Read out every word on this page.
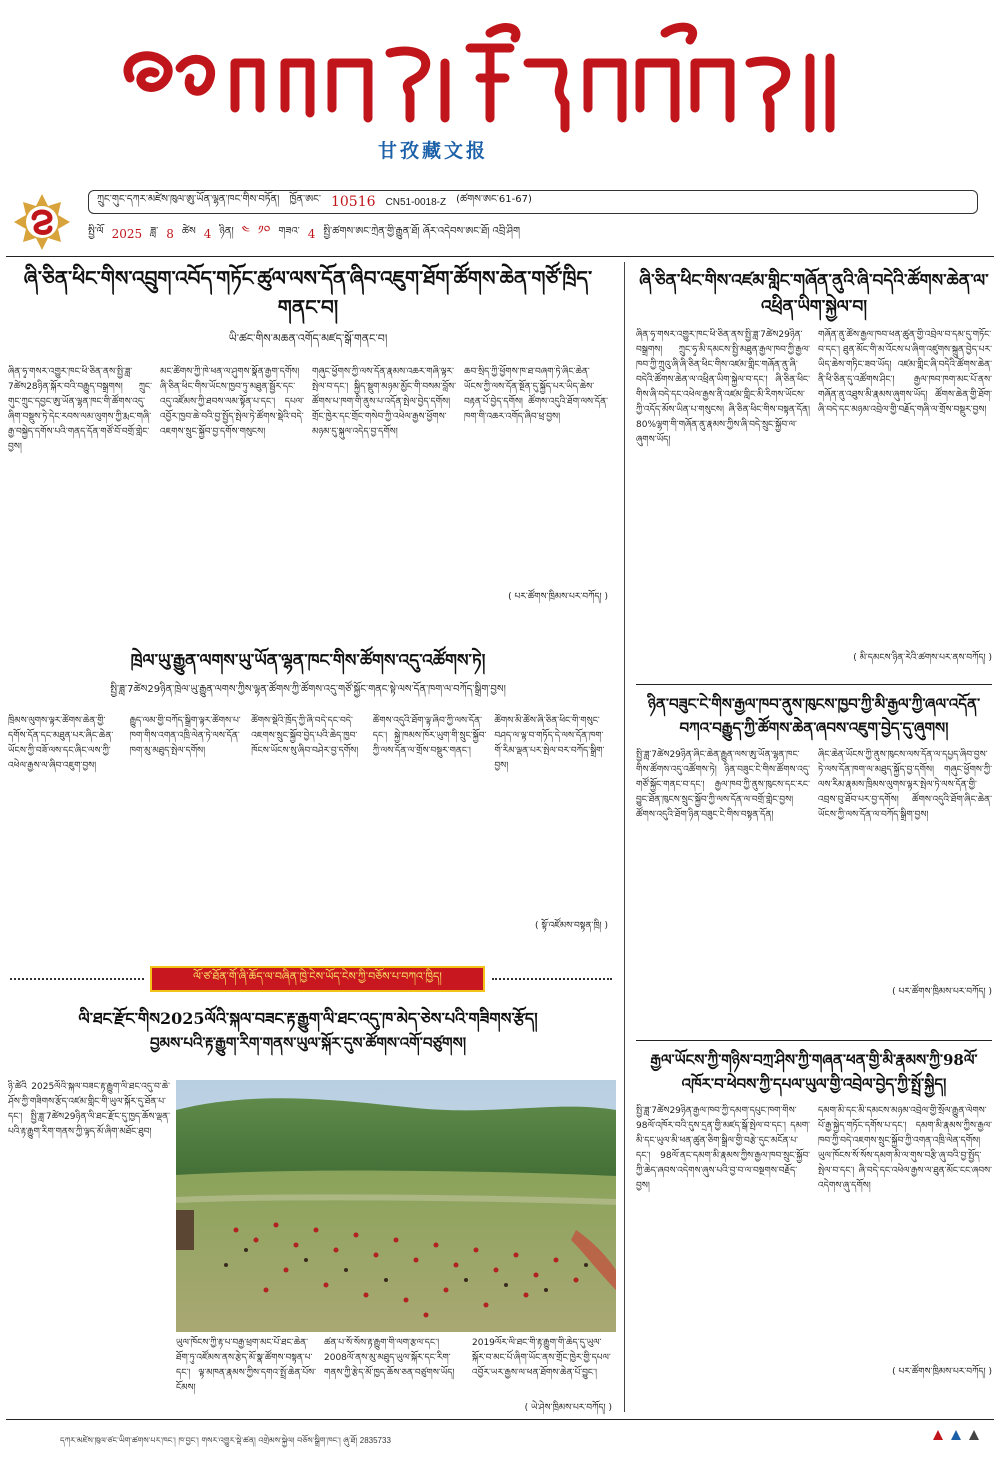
甘孜藏文报
ཀྲུང་གུང་དཀར་མཛེས་ཁུལ་ཨུ་ཡོན་ལྷན་ཁང་གིས་བཏོན། ཁྱོན་ཨང་ 10516 CN51-0018-Z (ཚགས་ཨང་61-67)
སྤྱི་ལོ 2025 ཟླ་ 8 ཚེས 4 ཉིན། ༤ ༡༠ གཟའ་ 4 སྤྱི་ཚགས་ཨང་ཀྲེན་གྱི་རྒྱུན་ཐོ། ཞོར་འདེབས་ཨང་ཐོ། འབྲི་ཤིག
ཞི་ཅིན་ཕིང་གིས་འབྲུག་འབོད་གཏོང་ཚུལ་ལས་དོན་ཞིབ་འཇུག་ཐོག་ཚོགས་ཆེན་གཙོ་ཁྲིད་གནང་བ།
ཡི་ཚང་གིས་མཆན་འགོད་མཛད་སྒོ་གནང་བ།
ཞིན་ཧྭ་གསར་འགྱུར་ཁང་ཕི་ཅིན་ནས་སྤྱི་ཟླ་7ཚེས28ཉིན་སྐོར་བའི་བརྒྱུད་བསྒྲགས། ཀྲུང་གུང་ཀྲུང་དབྱང་ཨུ་ཡོན་ལྷན་ཁང་གི་ཚོགས་འདུ་ཞིག་བསྡུས་ཏེ་དེང་རབས་ལམ་ལུགས་ཀྱི་རྨང་གཞི་རྒྱ་བསྐྱེད་དགོས་པའི་གནད་དོན་གཙོ་བོ་བགྲོ་གླེང་བྱས།
མང་ཚོགས་ཀྱི་ཁེ་ཕན་ལ་ཤུགས་སྣོན་རྒྱག་དགོས། ཞི་ཅིན་ཕིང་གིས་ཡོངས་ཁྱབ་ཏུ་མཐུན་སྦྱོར་དང་འདུ་འཛོམས་ཀྱི་ཐབས་ལམ་སྟོན་པ་དང་། དཔལ་འབྱོར་ཁྱབ་ཆེ་བའི་བྱ་སྤྱོད་སྤེལ་ཏེ་ཚོགས་སྡེའི་བདེ་འཇགས་སྲུང་སྐྱོབ་བྱ་དགོས་གསུངས།
གཞུང་ཕྱོགས་ཀྱི་ལས་དོན་རྣམས་འཆར་གཞི་ལྟར་སྤེལ་བ་དང་། སྐྱིད་སྡུག་མཉམ་མྱོང་གི་བསམ་བློས་ཚོགས་པ་ཁག་གི་ནུས་པ་འདོན་སྤེལ་བྱེད་དགོས། གྲོང་ཁྱེར་དང་གྲོང་གསེབ་ཀྱི་འཕེལ་རྒྱས་ཕྱོགས་མཉམ་དུ་སྐུལ་འདེད་བྱ་དགོས།
ཆབ་སྲིད་ཀྱི་ཕྱོགས་ཁ་ཐ་བཞག་ཏེ་ཞིང་ཆེན་ཡོངས་ཀྱི་ལས་དོན་སྔོན་དུ་སྐྱོད་པར་ཡིད་ཆེས་བརྟན་པོ་བྱེད་དགོས། ཚོགས་འདུའི་ཐོག་ལས་དོན་ཁག་གི་འཆར་འགོད་ཞིབ་ཕྲ་བྱས།
( པར་ཚོགས་ཁྲིམས་པར་བཀོད། )
ཞི་ཅིན་ཕིང་གིས་འཛམ་གླིང་གཞོན་ནུའི་ཞི་བདེའི་ཚོགས་ཆེན་ལ་འཕྲིན་ཡིག་སྐྱེལ་བ།
ཞིན་ཧྭ་གསར་འགྱུར་ཁང་ཕི་ཅིན་ནས་སྤྱི་ཟླ་7ཚེས29ཉིན་བསྒྲགས། ཀྲུང་ཧྭ་མི་དམངས་སྤྱི་མཐུན་རྒྱལ་ཁབ་ཀྱི་རྒྱལ་ཁབ་ཀྱི་ཀྲུའུ་ཞི་ཞི་ཅིན་ཕིང་གིས་འཛམ་གླིང་གཞོན་ནུ་ཞི་བདེའི་ཚོགས་ཆེན་ལ་འཕྲིན་ཡིག་སྐྱེལ་བ་དང་། ཞི་ཅིན་ཕིང་གིས་ཞི་བདེ་དང་འཕེལ་རྒྱས་ནི་འཛམ་གླིང་མི་རིགས་ཡོངས་ཀྱི་འདོད་མོས་ཡིན་པ་གསུངས། ཞི་ཅིན་ཕིང་གིས་བསྟན་དོན། 80%ལྷག་གི་གཞོན་ནུ་རྣམས་ཀྱིས་ཞི་བདེ་སྲུང་སྐྱོབ་ལ་ཞུགས་ཡོད།
གཞོན་ནུ་ཚོས་རྒྱལ་ཁབ་ཕན་ཚུན་གྱི་འབྲེལ་བ་དམ་དུ་གཏོང་བ་དང་། ཐུན་མོང་གི་མ་འོངས་པ་ཞིག་འཛུགས་སྐྲུན་བྱེད་པར་ཡིད་ཆེས་གཏིང་ཟབ་ཡོད། འཛམ་གླིང་ཞི་བདེའི་ཚོགས་ཆེན་ནི་ཕི་ཅིན་དུ་འཚོགས་ཤིང་། རྒྱལ་ཁབ་ཁག་མང་པོ་ནས་གཞོན་ནུ་འཐུས་མི་རྣམས་ཞུགས་ཡོད། ཚོགས་ཆེན་གྱི་ཐོག་ཞི་བདེ་དང་མཉམ་འབྲེལ་གྱི་བརྗོད་གཞི་ལ་གྲོས་བསྡུར་བྱས།
( མི་དམངས་ཉིན་རེའི་ཚགས་པར་ནས་བཀོད། )
ཁྲེལ་ཡུ་རྒྱུན་ལགས་ཡུ་ཡོན་ལྷན་ཁང་གིས་ཚོགས་འདུ་འཚོགས་ཏེ།
སྤྱི་ཟླ་7ཚེས29ཉིན་ཁྲེལ་ཡུ་རྒྱུན་ལགས་ཀྱིས་ལྷན་ཚོགས་ཀྱི་ཚོགས་འདུ་གཙོ་སྐྱོང་གནང་སྟེ་ལས་དོན་ཁག་ལ་བཀོད་སྒྲིག་བྱས།
ཁྲིམས་ལུགས་ལྟར་ཚོགས་ཆེན་གྱི་དགོས་དོན་དང་མཐུན་པར་ཞིང་ཆེན་ཡོངས་ཀྱི་བཟོ་ལས་དང་ཞིང་ལས་ཀྱི་འཕེལ་རྒྱས་ལ་ཞིབ་འཇུག་བྱས།
རྒྱུད་ལམ་གྱི་བཀོད་སྒྲིག་ལྟར་ཚོགས་པ་ཁག་གིས་འགན་འཁྲི་ལེན་ཏེ་ལས་དོན་ཁག་མུ་མཐུད་སྤེལ་དགོས།
ཚོགས་སྡེའི་ཁྲོད་ཀྱི་ཞི་བདེ་དང་བདེ་འཇགས་སྲུང་སྐྱོབ་བྱེད་པའི་ཆེད་ཁྱབ་ཁོངས་ཡོངས་སུ་ཞིབ་བཤེར་བྱ་དགོས།
ཚོགས་འདུའི་ཐོག་ལྟ་ཞིབ་ཀྱི་ལས་དོན་དང་། སྐྱེ་ཁམས་ཁོར་ཡུག་གི་སྲུང་སྐྱོབ་ཀྱི་ལས་དོན་ལ་གྲོས་བསྡུར་གནང་།
ཚོགས་མི་ཚོས་ཞི་ཅིན་ཕིང་གི་གསུང་བཤད་ལ་ལྟ་བ་གཏོད་དེ་ལས་དོན་ཁག་གོ་རིམ་ལྡན་པར་སྤེལ་བར་བཀོད་སྒྲིག་བྱས།
( སྟོ་འཛོམས་བསྟན་ཁྲི། )
ཉིན་བཟུང་ངེ་གིས་རྒྱལ་ཁབ་ནུས་ཁུངས་ཁྱབ་ཀྱི་མི་རྒྱལ་ཀྱི་ཞལ་འདོན་བཀའ་བརྒྱུད་ཀྱི་ཚོགས་ཆེན་ཞབས་འཇུག་བྱེད་དུ་ཞུགས།
སྤྱི་ཟླ་7ཚེས29ཉིན་ཞིང་ཆེན་རྒྱུན་ལས་ཨུ་ཡོན་ལྷན་ཁང་གིས་ཚོགས་འདུ་འཚོགས་ཏེ། ཉིན་བཟུང་ངེ་གིས་ཚོགས་འདུ་གཙོ་སྐྱོང་གནང་བ་དང་། རྒྱལ་ཁབ་ཀྱི་ནུས་ཁུངས་དང་རང་བྱུང་ཐོན་ཁུངས་སྲུང་སྐྱོབ་ཀྱི་ལས་དོན་ལ་བགྲོ་གླེང་བྱས། ཚོགས་འདུའི་ཐོག་ཉིན་བཟུང་ངེ་གིས་བསྟན་དོན།
ཞིང་ཆེན་ཡོངས་ཀྱི་ནུས་ཁུངས་ལས་དོན་ལ་དཔྱད་ཞིབ་བྱས་ཏེ་ལས་དོན་ཁག་ལ་མཐུད་སྐྱོད་བྱ་དགོས། གཞུང་ཕྱོགས་ཀྱི་ལས་རིམ་རྣམས་ཁྲིམས་ལུགས་ལྟར་སྤེལ་ཏེ་ལས་དོན་གྱི་འབྲས་བུ་ཐོབ་པར་བྱ་དགོས། ཚོགས་འདུའི་ཐོག་ཞིང་ཆེན་ཡོངས་ཀྱི་ལས་དོན་ལ་བཀོད་སྒྲིག་བྱས།
( པར་ཚོགས་ཁྲིམས་པར་བཀོད། )
ལོ་ཙ་ཐོན་གོ་ཞི་ཆོད་ལ་བཞིན་ཁྱེ་ངེས་ཡོད་ངེས་ཀྱི་བཅོས་པ་བཀའ་ཁྱིད།
ལི་ཐང་རྫོང་གིས2025ལོའི་སྐལ་བཟང་རྟ་རྒྱུག་ལི་ཐང་འདུ་ཁ་མེད་ཅེས་པའི་གཟིགས་རྩོད།
བྱམས་པའི་རྟ་རྒྱུག་རིག་གནས་ཡུལ་སྐོར་དུས་ཚོགས་འགོ་བཙུགས།
ཉི་ཚེའི 2025ལོའི་སྐལ་བཟང་རྟ་རྒྱུག་ལི་ཐང་འདུ་བ་ཆེ་ཤོས་ཀྱི་གཟིགས་རྩོད་འཛམ་གླིང་གི་ཡུལ་སྐོར་དུ་ཐོན་པ་དང་། སྤྱི་ཟླ་7ཚེས29ཉིན་ལི་ཐང་རྫོང་དུ་ཁྱད་ཆོས་ལྡན་པའི་རྟ་རྒྱུག་རིག་གནས་ཀྱི་ལྟད་མོ་ཞིག་མཐོང་ཐུབ།
ཡུལ་ཁོངས་ཀྱི་རྟ་པ་བརྒྱ་ཕྲག་མང་པོ་ཐང་ཆེན་ཐོག་ཏུ་འཛོམས་ནས་རྩེད་མོ་སྣ་ཚོགས་བསྟན་པ་དང་། ལྟ་མཁན་རྣམས་ཀྱིས་དགའ་སྤྲོ་ཆེན་པོས་ངོམས།
ཚན་པ་སོ་སོས་རྟ་རྒྱུག་གི་ལག་རྩལ་དང་། 2008ལོ་ནས་མུ་མཐུད་ཡུལ་སྐོར་དང་རིག་གནས་ཀྱི་རྩེད་མོ་ཁྱད་ཆོས་ཅན་བཙུགས་ཡོད།
2019ལོར་ལི་ཐང་གི་རྟ་རྒྱུག་གི་ཆེད་དུ་ཡུལ་སྐོར་བ་མང་པོ་ཞིག་ཡོང་ནས་གྲོང་ཁྱེར་གྱི་དཔལ་འབྱོར་ཡར་རྒྱས་ལ་ཕན་ཐོགས་ཆེན་པོ་བྱུང་།
( ཡེ་ཤེས་ཁྲིམས་པར་བཀོད། )
རྒྱལ་ཡོངས་ཀྱི་གཉིས་བཀྲ་ཤིས་ཀྱི་གཞན་ཕན་གྱི་མི་རྣམས་ཀྱི་98ལོ་འཁོར་བ་ཕེབས་ཀྱི་དཔལ་ཡུལ་གྱི་འབྲེལ་བྱེད་ཀྱི་སྤྲོ་སྐྱིད།
སྤྱི་ཟླ་7ཚེས29ཉིན་རྒྱལ་ཁབ་ཀྱི་དམག་དཔུང་ཁག་གིས་98ལོ་འཁོར་བའི་དུས་དྲན་གྱི་མཛད་སྒོ་སྤེལ་བ་དང་། དམག་མི་དང་ཡུལ་མི་ཕན་ཚུན་ཅིག་སྒྲིལ་གྱི་བརྩེ་དུང་མངོན་པ་དང་། 98ལོ་ནང་དམག་མི་རྣམས་ཀྱིས་རྒྱལ་ཁབ་སྲུང་སྐྱོབ་ཀྱི་ཆེད་ཞབས་འདེགས་ཞུས་པའི་བྱ་བ་ལ་བསྔགས་བརྗོད་བྱས།
དམག་མི་དང་མི་དམངས་མཉམ་འབྲེལ་གྱི་སྲོལ་རྒྱུན་ལེགས་པོ་རྒྱ་སྐྱེད་གཏོང་དགོས་པ་དང་། དམག་མི་རྣམས་ཀྱིས་རྒྱལ་ཁབ་ཀྱི་བདེ་འཇགས་སྲུང་སྐྱོབ་ཀྱི་འགན་འཁྲི་ལེན་དགོས། ཡུལ་ཁོངས་སོ་སོས་དམག་མི་ལ་གུས་བརྩི་ཞུ་བའི་བྱ་སྤྱོད་སྤེལ་བ་དང་། ཞི་བདེ་དང་འཕེལ་རྒྱས་ལ་ཐུན་མོང་ངང་ཞབས་འདེགས་ཞུ་དགོས།
( པར་ཚོགས་ཁྲིམས་པར་བཀོད། )
དཀར་མཛེས་ཁུལ་ཙང་ཡིག་ཚགས་པར་ཁང་། ཁ་བྱང་། གསར་འགྱུར་སྡེ་ཚན། འགྲེམས་སྐྱེལ། བཅོས་སྒྲིག་ཁང་། ཞུ་ཐོ། 2835733
